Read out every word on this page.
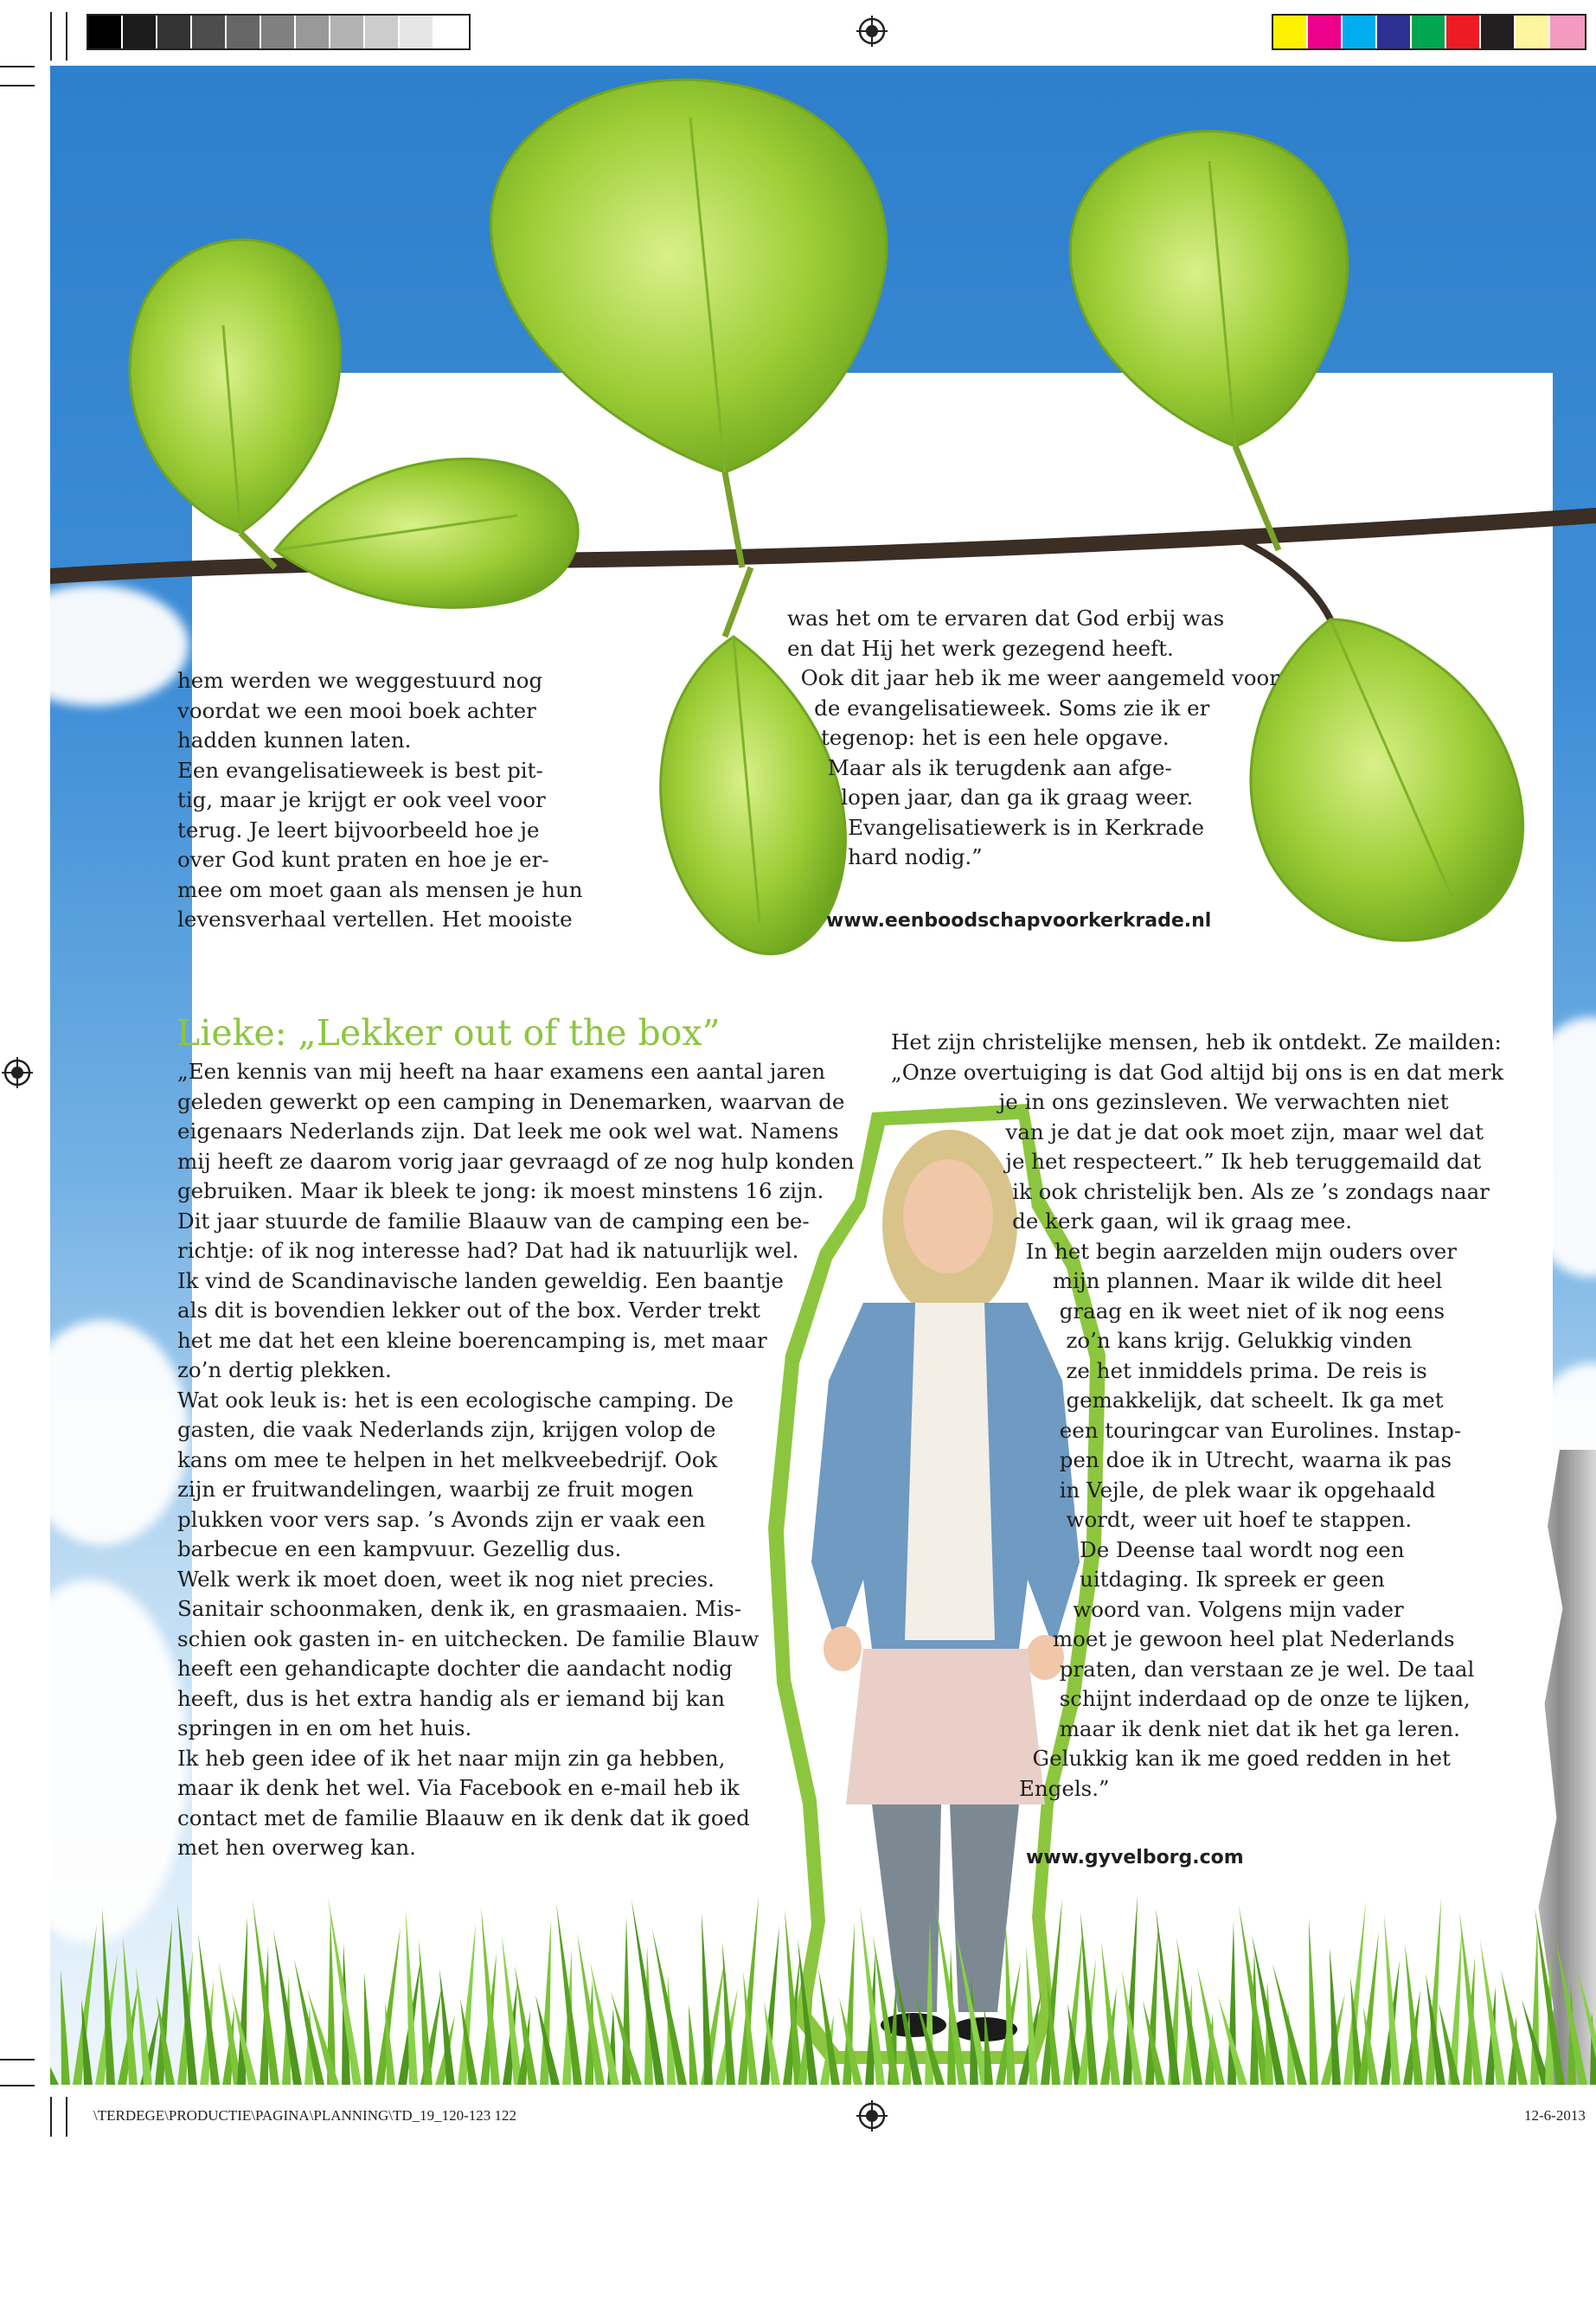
hem werden we weggestuurd nog
voordat we een mooi boek achter
hadden kunnen laten.
Een evangelisatieweek is best pit-
tig, maar je krijgt er ook veel voor
terug. Je leert bijvoorbeeld hoe je
over God kunt praten en hoe je er-
mee om moet gaan als mensen je hun
levensverhaal vertellen. Het mooiste
was het om te ervaren dat God erbij was
en dat Hij het werk gezegend heeft.
Ook dit jaar heb ik me weer aangemeld voor
de evangelisatieweek. Soms zie ik er
tegenop: het is een hele opgave.
Maar als ik terugdenk aan afge-
lopen jaar, dan ga ik graag weer.
Evangelisatiewerk is in Kerkrade
hard nodig.”
www.eenboodschapvoorkerkrade.nl
Lieke: „Lekker out of the box”
„Een kennis van mij heeft na haar examens een aantal jaren
geleden gewerkt op een camping in Denemarken, waarvan de
eigenaars Nederlands zijn. Dat leek me ook wel wat. Namens
mij heeft ze daarom vorig jaar gevraagd of ze nog hulp konden
gebruiken. Maar ik bleek te jong: ik moest minstens 16 zijn.
Dit jaar stuurde de familie Blaauw van de camping een be-
richtje: of ik nog interesse had? Dat had ik natuurlijk wel.
Ik vind de Scandinavische landen geweldig. Een baantje
als dit is bovendien lekker out of the box. Verder trekt
het me dat het een kleine boerencamping is, met maar
zo’n dertig plekken.
Wat ook leuk is: het is een ecologische camping. De
gasten, die vaak Nederlands zijn, krijgen volop de
kans om mee te helpen in het melkveebedrijf. Ook
zijn er fruitwandelingen, waarbij ze fruit mogen
plukken voor vers sap. ’s Avonds zijn er vaak een
barbecue en een kampvuur. Gezellig dus.
Welk werk ik moet doen, weet ik nog niet precies.
Sanitair schoonmaken, denk ik, en grasmaaien. Mis-
schien ook gasten in- en uitchecken. De familie Blauw
heeft een gehandicapte dochter die aandacht nodig
heeft, dus is het extra handig als er iemand bij kan
springen in en om het huis.
Ik heb geen idee of ik het naar mijn zin ga hebben,
maar ik denk het wel. Via Facebook en e-mail heb ik
contact met de familie Blaauw en ik denk dat ik goed
met hen overweg kan.
Het zijn christelijke mensen, heb ik ontdekt. Ze mailden:
„Onze overtuiging is dat God altijd bij ons is en dat merk
je in ons gezinsleven. We verwachten niet
van je dat je dat ook moet zijn, maar wel dat
je het respecteert.” Ik heb teruggemaild dat
ik ook christelijk ben. Als ze ’s zondags naar
de kerk gaan, wil ik graag mee.
In het begin aarzelden mijn ouders over
mijn plannen. Maar ik wilde dit heel
graag en ik weet niet of ik nog eens
zo’n kans krijg. Gelukkig vinden
ze het inmiddels prima. De reis is
gemakkelijk, dat scheelt. Ik ga met
een touringcar van Eurolines. Instap-
pen doe ik in Utrecht, waarna ik pas
in Vejle, de plek waar ik opgehaald
wordt, weer uit hoef te stappen.
De Deense taal wordt nog een
uitdaging. Ik spreek er geen
woord van. Volgens mijn vader
moet je gewoon heel plat Nederlands
praten, dan verstaan ze je wel. De taal
schijnt inderdaad op de onze te lijken,
maar ik denk niet dat ik het ga leren.
Gelukkig kan ik me goed redden in het
Engels.”
www.gyvelborg.com
\TERDEGE\PRODUCTIE\PAGINA\PLANNING\TD_19_120-123 122	12-6-2013
